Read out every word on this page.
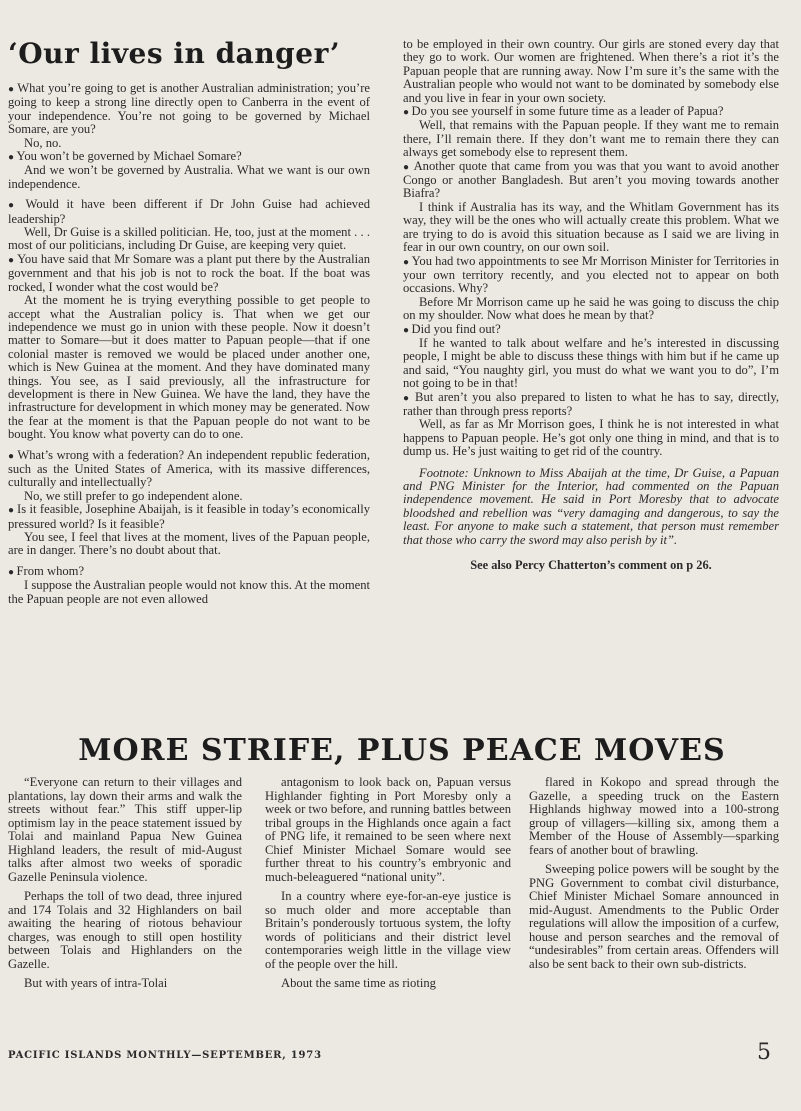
‘Our lives in danger’

● What you’re going to get is another Australian administration; you’re going to keep a strong line directly open to Canberra in the event of your independence. You’re not going to be governed by Michael Somare, are you?

No, no.

● You won’t be governed by Michael Somare?

And we won’t be governed by Australia. What we want is our own independence.

● Would it have been different if Dr John Guise had achieved leadership?

Well, Dr Guise is a skilled politician. He, too, just at the moment . . . most of our politicians, including Dr Guise, are keeping very quiet.

● You have said that Mr Somare was a plant put there by the Australian government and that his job is not to rock the boat. If the boat was rocked, I wonder what the cost would be?

At the moment he is trying everything possible to get people to accept what the Australian policy is. That when we get our independence we must go in union with these people. Now it doesn’t matter to Somare—but it does matter to Papuan people—that if one colonial master is removed we would be placed under another one, which is New Guinea at the moment. And they have dominated many things. You see, as I said previously, all the infrastructure for development is there in New Guinea. We have the land, they have the infrastructure for development in which money may be generated. Now the fear at the moment is that the Papuan people do not want to be bought. You know what poverty can do to one.

● What’s wrong with a federation? An independent republic federation, such as the United States of America, with its massive differences, culturally and intellectually?

No, we still prefer to go independent alone.

● Is it feasible, Josephine Abaijah, is it feasible in today’s economically pressured world? Is it feasible?

You see, I feel that lives at the moment, lives of the Papuan people, are in danger. There’s no doubt about that.

● From whom?

I suppose the Australian people would not know this. At the moment the Papuan people are not even allowed

to be employed in their own country. Our girls are stoned every day that they go to work. Our women are frightened. When there’s a riot it’s the Papuan people that are running away. Now I’m sure it’s the same with the Australian people who would not want to be dominated by somebody else and you live in fear in your own society.

● Do you see yourself in some future time as a leader of Papua?

Well, that remains with the Papuan people. If they want me to remain there, I’ll remain there. If they don’t want me to remain there they can always get somebody else to represent them.

● Another quote that came from you was that you want to avoid another Congo or another Bangladesh. But aren’t you moving towards another Biafra?

I think if Australia has its way, and the Whitlam Government has its way, they will be the ones who will actually create this problem. What we are trying to do is avoid this situation because as I said we are living in fear in our own country, on our own soil.

● You had two appointments to see Mr Morrison Minister for Territories in your own territory recently, and you elected not to appear on both occasions. Why?

Before Mr Morrison came up he said he was going to discuss the chip on my shoulder. Now what does he mean by that?

● Did you find out?

If he wanted to talk about welfare and he’s interested in discussing people, I might be able to discuss these things with him but if he came up and said, “You naughty girl, you must do what we want you to do”, I’m not going to be in that!

● But aren’t you also prepared to listen to what he has to say, directly, rather than through press reports?

Well, as far as Mr Morrison goes, I think he is not interested in what happens to Papuan people. He’s got only one thing in mind, and that is to dump us. He’s just waiting to get rid of the country.

Footnote: Unknown to Miss Abaijah at the time, Dr Guise, a Papuan and PNG Minister for the Interior, had commented on the Papuan independence movement. He said in Port Moresby that to advocate bloodshed and rebellion was “very damaging and dangerous, to say the least. For anyone to make such a statement, that person must remember that those who carry the sword may also perish by it”.

See also Percy Chatterton’s comment on p 26.

MORE STRIFE, PLUS PEACE MOVES

“Everyone can return to their villages and plantations, lay down their arms and walk the streets without fear.” This stiff upper-lip optimism lay in the peace statement issued by Tolai and mainland Papua New Guinea Highland leaders, the result of mid-August talks after almost two weeks of sporadic Gazelle Peninsula violence.

Perhaps the toll of two dead, three injured and 174 Tolais and 32 Highlanders on bail awaiting the hearing of riotous behaviour charges, was enough to still open hostility between Tolais and Highlanders on the Gazelle.

But with years of intra-Tolai

antagonism to look back on, Papuan versus Highlander fighting in Port Moresby only a week or two before, and running battles between tribal groups in the Highlands once again a fact of PNG life, it remained to be seen where next Chief Minister Michael Somare would see further threat to his country’s embryonic and much-beleaguered “national unity”.

In a country where eye-for-an-eye justice is so much older and more acceptable than Britain’s ponderously tortuous system, the lofty words of politicians and their district level contemporaries weigh little in the village view of the people over the hill.

About the same time as rioting

flared in Kokopo and spread through the Gazelle, a speeding truck on the Eastern Highlands highway mowed into a 100-strong group of villagers—killing six, among them a Member of the House of Assembly—sparking fears of another bout of brawling.

Sweeping police powers will be sought by the PNG Government to combat civil disturbance, Chief Minister Michael Somare announced in mid-August. Amendments to the Public Order regulations will allow the imposition of a curfew, house and person searches and the removal of “undesirables” from certain areas. Offenders will also be sent back to their own sub-districts.

PACIFIC ISLANDS MONTHLY—SEPTEMBER, 1973	5
